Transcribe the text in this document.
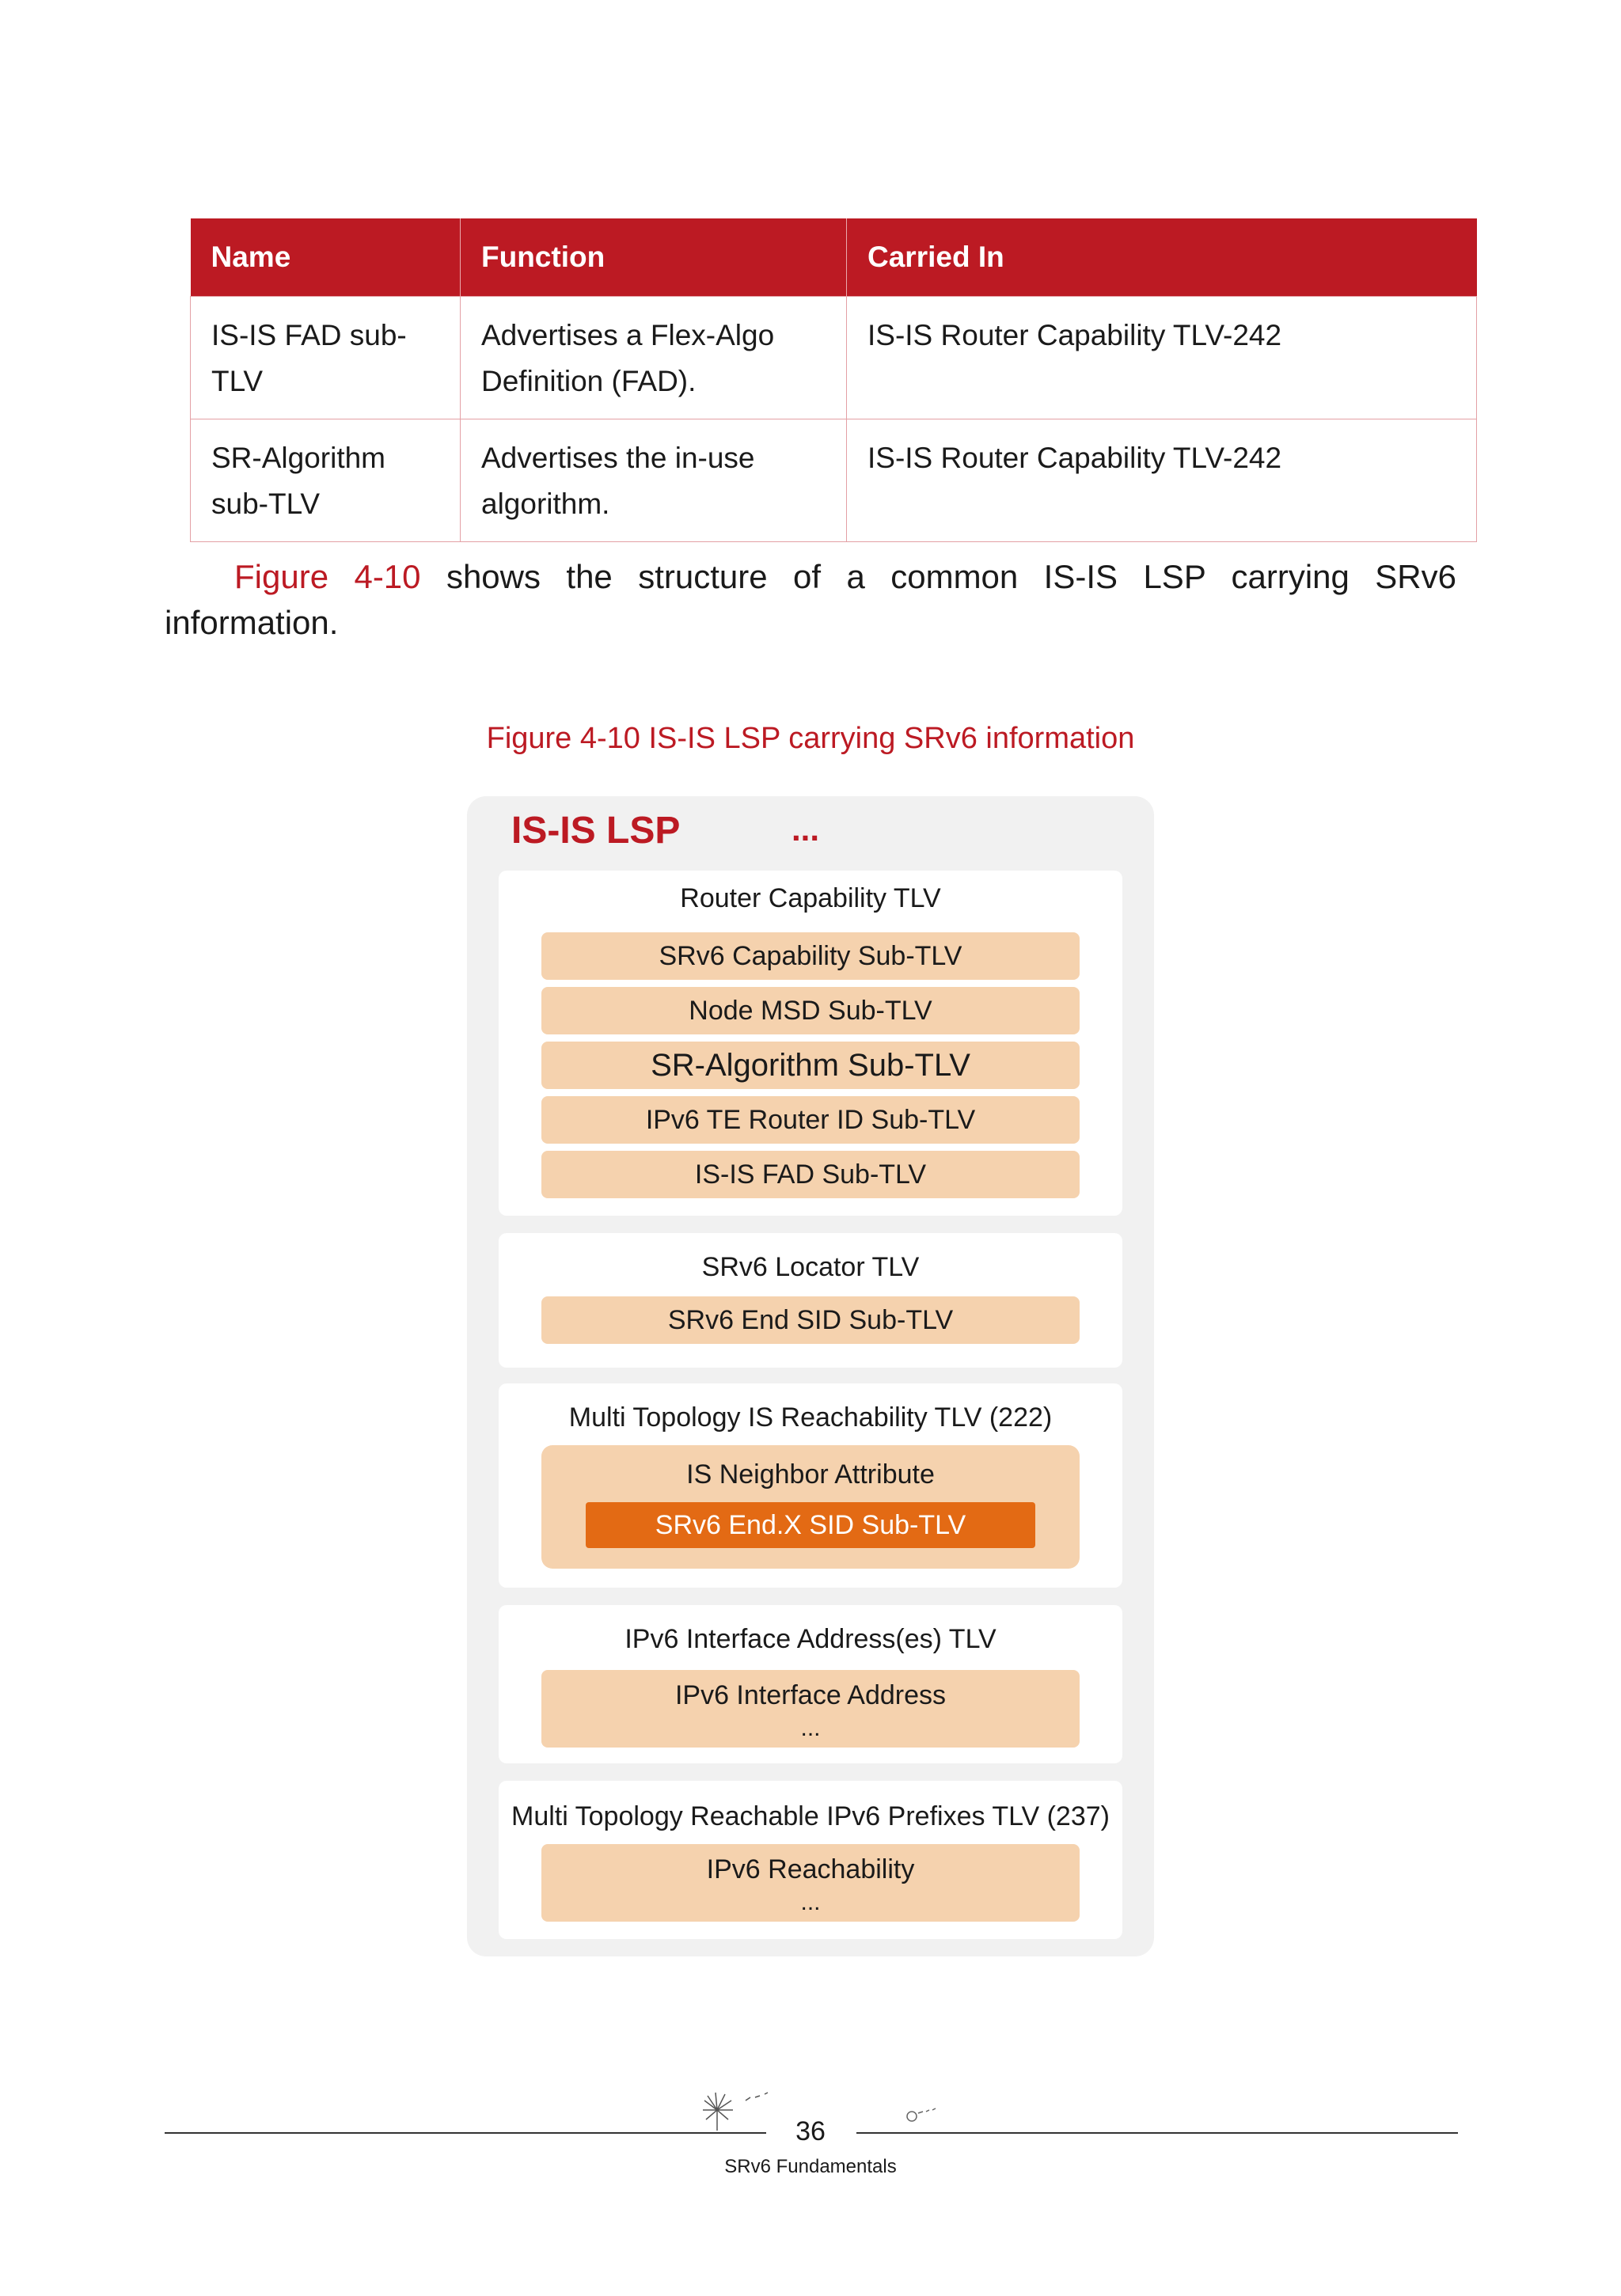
Name	Function	Carried In
IS-IS FAD sub-TLV	Advertises a Flex-Algo Definition (FAD).	IS-IS Router Capability TLV-242
SR-Algorithm sub-TLV	Advertises the in-use algorithm.	IS-IS Router Capability TLV-242

Figure 4-10 shows the structure of a common IS-IS LSP carrying SRv6 information.

Figure 4-10 IS-IS LSP carrying SRv6 information
IS-IS LSP	...
Router Capability TLV
SRv6 Capability Sub-TLV
Node MSD Sub-TLV
SR-Algorithm Sub-TLV
IPv6 TE Router ID Sub-TLV
IS-IS FAD Sub-TLV
SRv6 Locator TLV
SRv6 End SID Sub-TLV
Multi Topology IS Reachability TLV (222)
IS Neighbor Attribute
SRv6 End.X SID Sub-TLV
IPv6 Interface Address(es) TLV
IPv6 Interface Address
...
Multi Topology Reachable IPv6 Prefixes TLV (237)
IPv6 Reachability
...
36
SRv6 Fundamentals
